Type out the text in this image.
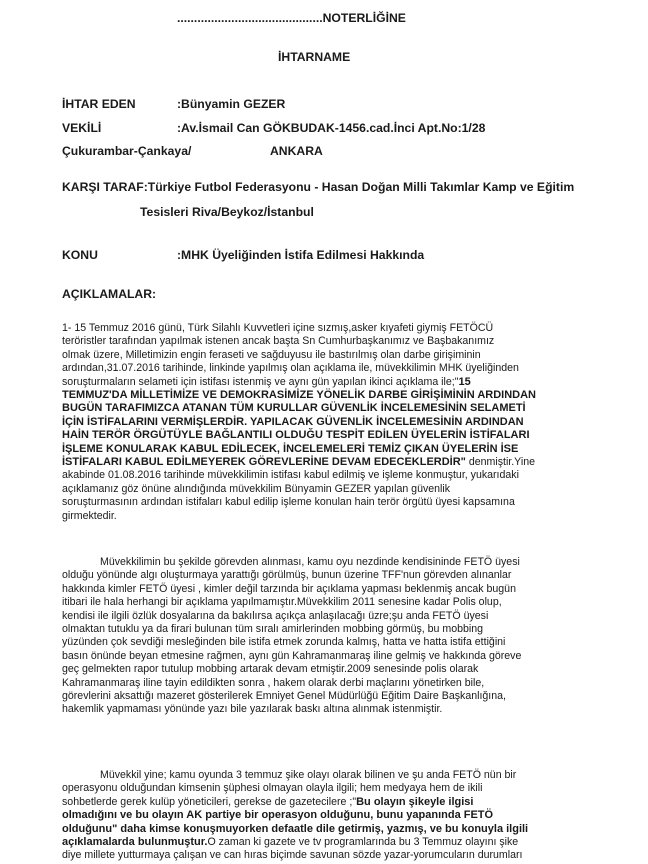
...........................................NOTERLİĞİNE
İHTARNAME
İHTAR EDEN	:Bünyamin GEZER
VEKİLİ	:Av.İsmail Can GÖKBUDAK-1456.cad.İnci Apt.No:1/28
Çukurambar-Çankaya/	ANKARA
KARŞI TARAF:Türkiye Futbol Federasyonu - Hasan Doğan Milli Takımlar Kamp ve Eğitim
Tesisleri Riva/Beykoz/İstanbul
KONU	:MHK Üyeliğinden İstifa Edilmesi Hakkında
AÇIKLAMALAR:
1- 15 Temmuz 2016 günü, Türk Silahlı Kuvvetleri içine sızmış,asker kıyafeti giymiş FETÖCÜ
teröristler tarafından yapılmak istenen ancak başta Sn Cumhurbaşkanımız ve Başbakanımız
olmak üzere, Milletimizin engin feraseti ve sağduyusu ile bastırılmış olan darbe girişiminin
ardından,31.07.2016 tarihinde, linkinde yapılmış olan açıklama ile, müvekkilimin MHK üyeliğinden
soruşturmaların selameti için istifası istenmiş ve aynı gün yapılan ikinci açıklama ile;"15
TEMMUZ'DA MİLLETİMİZE VE DEMOKRASİMİZE YÖNELİK DARBE GİRİŞİMİNİN ARDINDAN
BUGÜN TARAFIMIZCA ATANAN TÜM KURULLAR GÜVENLİK İNCELEMESİNİN SELAMETİ
İÇİN İSTİFALARINI VERMİŞLERDİR. YAPILACAK GÜVENLİK İNCELEMESİNİN ARDINDAN
HAİN TERÖR ÖRGÜTÜYLE BAĞLANTILI OLDUĞU TESPİT EDİLEN ÜYELERİN İSTİFALARI
İŞLEME KONULARAK KABUL EDİLECEK, İNCELEMELERİ TEMİZ ÇIKAN ÜYELERİN İSE
İSTİFALARI KABUL EDİLMEYEREK GÖREVLERİNE DEVAM EDECEKLERDİR" denmiştir.Yine
akabinde 01.08.2016 tarihinde müvekkilimin istifası kabul edilmiş ve işleme konmuştur, yukarıdaki
açıklamanız göz önüne alındığında müvekkilim Bünyamin GEZER yapılan güvenlik
soruşturmasının ardından istifaları kabul edilip işleme konulan hain terör örgütü üyesi kapsamına
girmektedir.
Müvekkilimin bu şekilde görevden alınması, kamu oyu nezdinde kendisininde FETÖ üyesi
olduğu yönünde algı oluşturmaya yarattığı görülmüş, bunun üzerine TFF'nun görevden alınanlar
hakkında kimler FETÖ üyesi , kimler değil tarzında bir açıklama yapması beklenmiş ancak bugün
itibari ile hala herhangi bir açıklama yapılmamıştır.Müvekkilim 2011 senesine kadar Polis olup,
kendisi ile ilgili özlük dosyalarına da bakılırsa açıkça anlaşılacağı üzre;şu anda FETÖ üyesi
olmaktan tutuklu ya da firari bulunan tüm sıralı amirlerinden mobbing görmüş, bu mobbing
yüzünden çok sevdiği mesleğinden bile istifa etmek zorunda kalmış, hatta ve hatta istifa ettiğini
basın önünde beyan etmesine rağmen, aynı gün Kahramanmaraş iline gelmiş ve hakkında göreve
geç gelmekten rapor tutulup mobbing artarak devam etmiştir.2009 senesinde polis olarak
Kahramanmaraş iline tayin edildikten sonra , hakem olarak derbi maçlarını yönetirken bile,
görevlerini aksattığı mazeret gösterilerek Emniyet Genel Müdürlüğü Eğitim Daire Başkanlığına,
hakemlik yapmaması yönünde yazı bile yazılarak baskı altına alınmak istenmiştir.
Müvekkil yine; kamu oyunda 3 temmuz şike olayı olarak bilinen ve şu anda FETÖ nün bir
operasyonu olduğundan kimsenin şüphesi olmayan olayla ilgili; hem medyaya hem de ikili
sohbetlerde gerek kulüp yöneticileri, gerekse de gazetecilere ;"Bu olayın şikeyle ilgisi
olmadığını ve bu olayın AK partiye bir operasyon olduğunu, bunu yapanında FETÖ
olduğunu" daha kimse konuşmuyorken defaatle dile getirmiş, yazmış, ve bu konuyla ilgili
açıklamalarda bulunmuştur.O zaman ki gazete ve tv programlarında bu 3 Temmuz olayını şike
diye millete yutturmaya çalışan ve can hıras biçimde savunan sözde yazar-yorumcuların durumları
